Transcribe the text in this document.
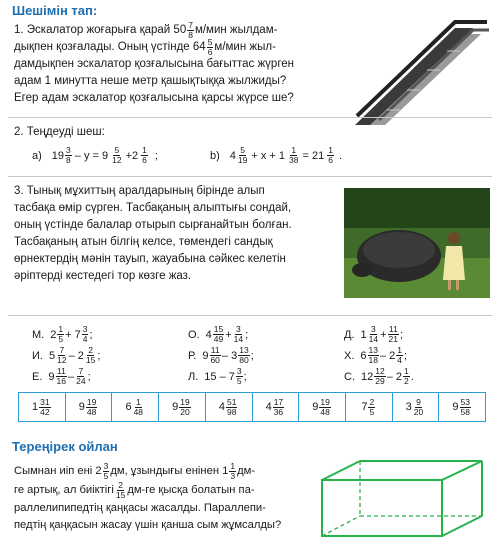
Шешімін тап:
1. Эскалатор жоғарыға қарай $50 \frac{7}{8} м/мин$ жылдам-
дықпен қозғалады. Оның үстінде $64 \frac{5}{6} м/мин$ жыл-
дамдықпен эскалатор қозғалысына бағыттас жүрген
адам 1 минутта неше метр қашықтыққа жылжиды?
Егер адам эскалатор қозғалысына қарсы жүрсе ше?
2. Теңдеуді шеш:
а) $19 \frac{3}{8} - y = 9 \frac{5}{12} +2 \frac{1}{6}$ ;	b) $4 \frac{5}{19} + x + 1 \frac{1}{38} = 21 \frac{1}{6}$ .
3. Тынық мұхиттың аралдарының бірінде алып
тасбақа өмір сүрген. Тасбақаның алыптығы сондай,
оның үстінде балалар отырып сырғанайтын болған.
Тасбақаның атын білгің келсе, төмендегі сандық
өрнектердің мәнін тауып, жауабына сәйкес келетін
әріптерді кестедегі тор көзге жаз.
М. $2 \frac{1}{5} + 7 \frac{3}{4}$ ;	О. $4 \frac{15}{49} + \frac{3}{14}$ ;	Д. $1 \frac{3}{14} + \frac{11}{21}$ ;
И. $5 \frac{7}{12} - 2 \frac{2}{15}$ ;	Р. $9 \frac{11}{60} - 3 \frac{13}{80}$ ;	Х. $6 \frac{13}{18} - 2 \frac{1}{4}$ ;
Е. $9 \frac{11}{16} - \frac{7}{24}$ ;	Л. $15 - 7 \frac{3}{5}$ ;	С. $12 \frac{12}{29} - 2 \frac{1}{2}$ .
$1 \frac{31}{42}$	$9 \frac{19}{48}$	$6 \frac{1}{48}$	$9 \frac{19}{20}$	$4 \frac{51}{98}$	$4 \frac{17}{36}$	$9 \frac{19}{48}$	$7 \frac{2}{5}$	$3 \frac{9}{20}$	$9 \frac{53}{58}$
Тереңірек ойлан
Сымнан иіп ені $2 \frac{3}{5}$ дм, ұзындығы енінен $1 \frac{1}{3} дм-$
ге артық, ал биіктігі $\frac{2}{15} дм-ге$ қысқа болатын па-
раллелипипедтің қаңқасы жасалды. Параллепи-
педтің қаңқасын жасау үшін қанша сым жұмсалды?
